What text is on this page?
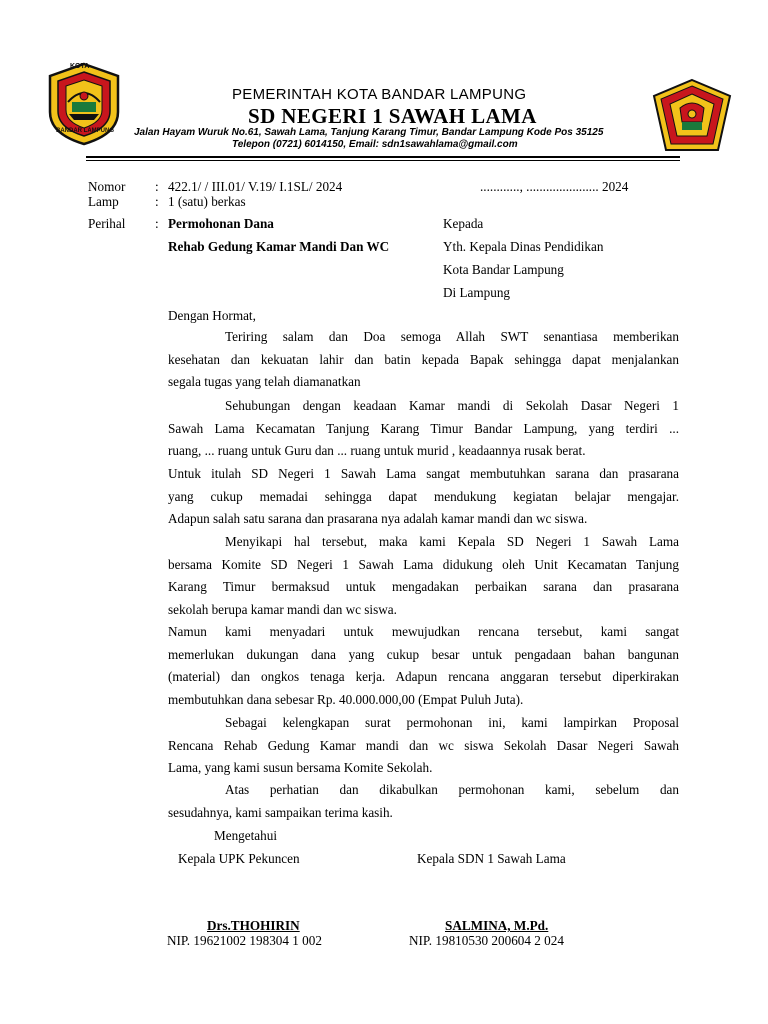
KOTA
BANDAR LAMPUNG
PEMERINTAH KOTA BANDAR LAMPUNG
SD NEGERI 1 SAWAH LAMA
Jalan Hayam Wuruk No.61, Sawah Lama, Tanjung Karang Timur, Bandar Lampung Kode Pos 35125
Telepon (0721) 6014150, Email: sdn1sawahlama@gmail.com
Nomor : 422.1/ / III.01/ V.19/ I.1SL/ 2024	............, ...................... 2024
Lamp	: 1 (satu) berkas
Perihal : Permohonan Dana
Rehab Gedung Kamar Mandi Dan WC
Kepada
Yth. Kepala Dinas Pendidikan
Kota Bandar Lampung
Di Lampung
Dengan Hormat,
Teriring salam dan Doa semoga Allah SWT senantiasa memberikan
kesehatan dan kekuatan lahir dan batin kepada Bapak sehingga dapat menjalankan
segala tugas yang telah diamanatkan
Sehubungan dengan keadaan Kamar mandi di Sekolah Dasar Negeri 1
Sawah Lama Kecamatan Tanjung Karang Timur Bandar Lampung, yang terdiri ...
ruang, ... ruang untuk Guru dan ... ruang untuk murid , keadaannya rusak berat.
Untuk itulah SD Negeri 1 Sawah Lama sangat membutuhkan sarana dan prasarana
yang cukup memadai sehingga dapat mendukung kegiatan belajar mengajar.
Adapun salah satu sarana dan prasarana nya adalah kamar mandi dan wc siswa.
Menyikapi hal tersebut, maka kami Kepala SD Negeri 1 Sawah Lama
bersama Komite SD Negeri 1 Sawah Lama didukung oleh Unit Kecamatan Tanjung
Karang Timur bermaksud untuk mengadakan perbaikan sarana dan prasarana
sekolah berupa kamar mandi dan wc siswa.
Namun kami menyadari untuk mewujudkan rencana tersebut, kami sangat
memerlukan dukungan dana yang cukup besar untuk pengadaan bahan bangunan
(material) dan ongkos tenaga kerja. Adapun rencana anggaran tersebut diperkirakan
membutuhkan dana sebesar Rp. 40.000.000,00 (Empat Puluh Juta).
Sebagai kelengkapan surat permohonan ini, kami lampirkan Proposal
Rencana Rehab Gedung Kamar mandi dan wc siswa Sekolah Dasar Negeri Sawah
Lama, yang kami susun bersama Komite Sekolah.
Atas perhatian dan dikabulkan permohonan kami, sebelum dan
sesudahnya, kami sampaikan terima kasih.
Mengetahui
Kepala UPK Pekuncen	Kepala SDN 1 Sawah Lama
Drs.THOHIRIN	SALMINA, M.Pd.
NIP. 19621002 198304 1 002	NIP. 19810530 200604 2 024
